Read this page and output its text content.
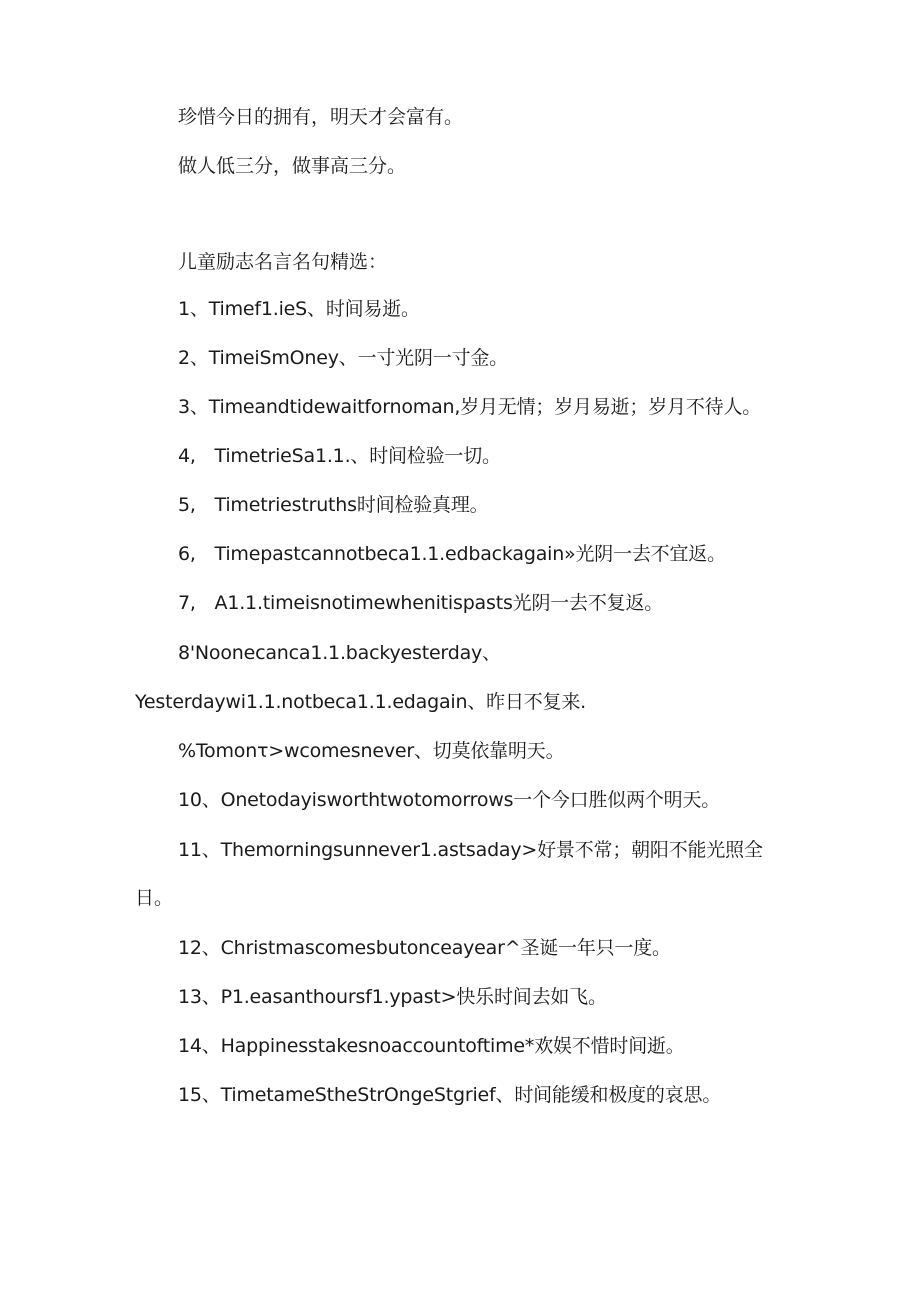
珍惜今日的拥有，明天才会富有。

做人低三分，做事高三分。

儿童励志名言名句精选：

1、Timef1.ieS、时间易逝。

2、TimeiSmOney、一寸光阴一寸金。

3、Timeandtidewaitfornoman,岁月无情；岁月易逝；岁月不待人。

4,　TimetrieSa1.1.、时间检验一切。

5,　Timetriestruths时间检验真理。

6,　Timepastcannotbeca1.1.edbackagain»光阴一去不宜返。

7,　A1.1.timeisnotimewhenitispasts光阴一去不复返。

8'Noonecanca1.1.backyesterday、

Yesterdaywi1.1.notbeca1.1.edagain、昨日不复来.

%Tomonτ>wcomesnever、切莫依靠明天。

10、Onetodayisworthtwotomorrows一个今口胜似两个明天。

11、Themorningsunnever1.astsaday>好景不常；朝阳不能光照全

日。

12、Christmascomesbutonceayear^圣诞一年只一度。

13、P1.easanthoursf1.ypast>快乐时间去如飞。

14、Happinesstakesnoaccountoftime*欢娱不惜时间逝。

15、TimetameStheStrOngeStgrief、时间能缓和极度的哀思。
